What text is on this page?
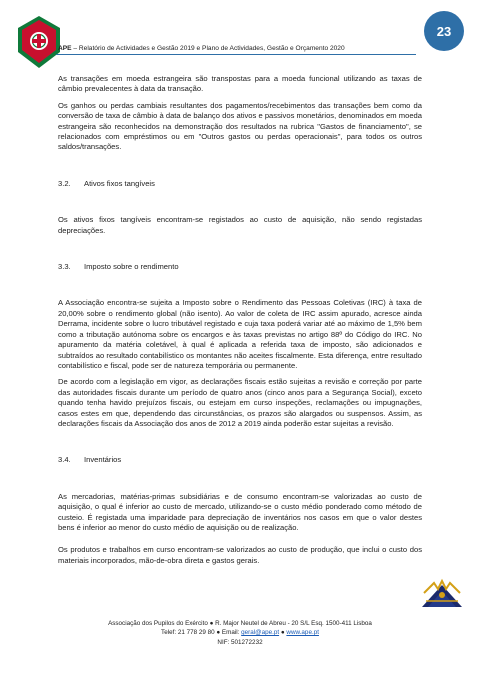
APE – Relatório de Actividades e Gestão 2019 e Plano de Actividades, Gestão e Orçamento 2020
23

As transações em moeda estrangeira são transpostas para a moeda funcional utilizando as taxas de câmbio prevalecentes à data da transação.

Os ganhos ou perdas cambiais resultantes dos pagamentos/recebimentos das transações bem como da conversão de taxa de câmbio à data de balanço dos ativos e passivos monetários, denominados em moeda estrangeira são reconhecidos na demonstração dos resultados na rubrica "Gastos de financiamento", se relacionados com empréstimos ou em "Outros gastos ou perdas operacionais", para todos os outros saldos/transações.

3.2.	Ativos fixos tangíveis

Os ativos fixos tangíveis encontram-se registados ao custo de aquisição, não sendo registadas depreciações.

3.3.	Imposto sobre o rendimento

A Associação encontra-se sujeita a Imposto sobre o Rendimento das Pessoas Coletivas (IRC) à taxa de 20,00% sobre o rendimento global (não isento). Ao valor de coleta de IRC assim apurado, acresce ainda Derrama, incidente sobre o lucro tributável registado e cuja taxa poderá variar até ao máximo de 1,5% bem como a tributação autónoma sobre os encargos e às taxas previstas no artigo 88º do Código do IRC. No apuramento da matéria coletável, à qual é aplicada a referida taxa de imposto, são adicionados e subtraídos ao resultado contabilístico os montantes não aceites fiscalmente. Esta diferença, entre resultado contabilístico e fiscal, pode ser de natureza temporária ou permanente.

De acordo com a legislação em vigor, as declarações fiscais estão sujeitas a revisão e correção por parte das autoridades fiscais durante um período de quatro anos (cinco anos para a Segurança Social), exceto quando tenha havido prejuízos fiscais, ou estejam em curso inspeções, reclamações ou impugnações, casos estes em que, dependendo das circunstâncias, os prazos são alargados ou suspensos. Assim, as declarações fiscais da Associação dos anos de 2012 a 2019 ainda poderão estar sujeitas a revisão.

3.4.	Inventários

As mercadorias, matérias-primas subsidiárias e de consumo encontram-se valorizadas ao custo de aquisição, o qual é inferior ao custo de mercado, utilizando-se o custo médio ponderado como método de custeio. É registada uma imparidade para depreciação de inventários nos casos em que o valor destes bens é inferior ao menor do custo médio de aquisição ou de realização.

Os produtos e trabalhos em curso encontram-se valorizados ao custo de produção, que inclui o custo dos materiais incorporados, mão-de-obra direta e gastos gerais.

Associação dos Pupilos do Exército ● R. Major Neutel de Abreu - 20 S/L Esq. 1500-411 Lisboa
Telef: 21 778 29 80 ● Email: geral@ape.pt ● www.ape.pt
NIF: 501272232
